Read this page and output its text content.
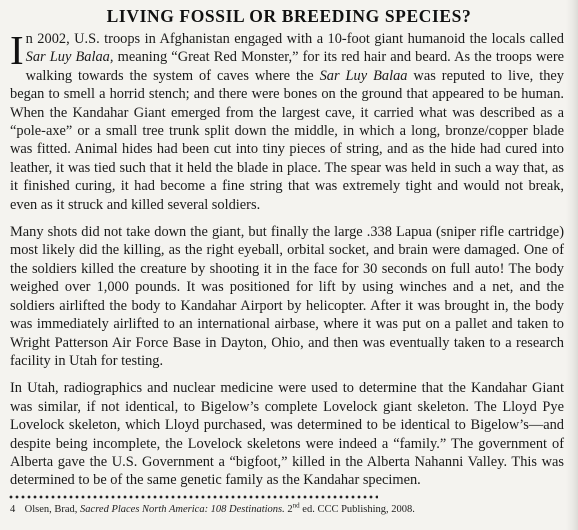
LIVING FOSSIL OR BREEDING SPECIES?

In 2002, U.S. troops in Afghanistan engaged with a 10-foot giant humanoid the locals called Sar Luy Balaa, meaning “Great Red Monster,” for its red hair and beard. As the troops were walking towards the system of caves where the Sar Luy Balaa was reputed to live, they began to smell a horrid stench; and there were bones on the ground that appeared to be human. When the Kandahar Giant emerged from the largest cave, it carried what was described as a “pole-axe” or a small tree trunk split down the middle, in which a long, bronze/copper blade was fitted. Animal hides had been cut into tiny pieces of string, and as the hide had cured into leather, it was tied such that it held the blade in place. The spear was held in such a way that, as it finished curing, it had become a fine string that was extremely tight and would not break, even as it struck and killed several soldiers.

Many shots did not take down the giant, but finally the large .338 Lapua (sniper rifle cartridge) most likely did the killing, as the right eyeball, orbital socket, and brain were damaged. One of the soldiers killed the creature by shooting it in the face for 30 seconds on full auto! The body weighed over 1,000 pounds. It was positioned for lift by using winches and a net, and the soldiers airlifted the body to Kandahar Airport by helicopter. After it was brought in, the body was immediately airlifted to an international airbase, where it was put on a pallet and taken to Wright Patterson Air Force Base in Dayton, Ohio, and then was eventually taken to a research facility in Utah for testing.

In Utah, radiographics and nuclear medicine were used to determine that the Kandahar Giant was similar, if not identical, to Bigelow’s complete Lovelock giant skeleton. The Lloyd Pye Lovelock skeleton, which Lloyd purchased, was determined to be identical to Bigelow’s—and despite being incomplete, the Lovelock skeletons were indeed a “family.” The government of Alberta gave the U.S. Government a “bigfoot,” killed in the Alberta Nahanni Valley. This was determined to be of the same genetic family as the Kandahar specimen.

4 Olsen, Brad, Sacred Places North America: 108 Destinations. 2nd ed. CCC Publishing, 2008.
